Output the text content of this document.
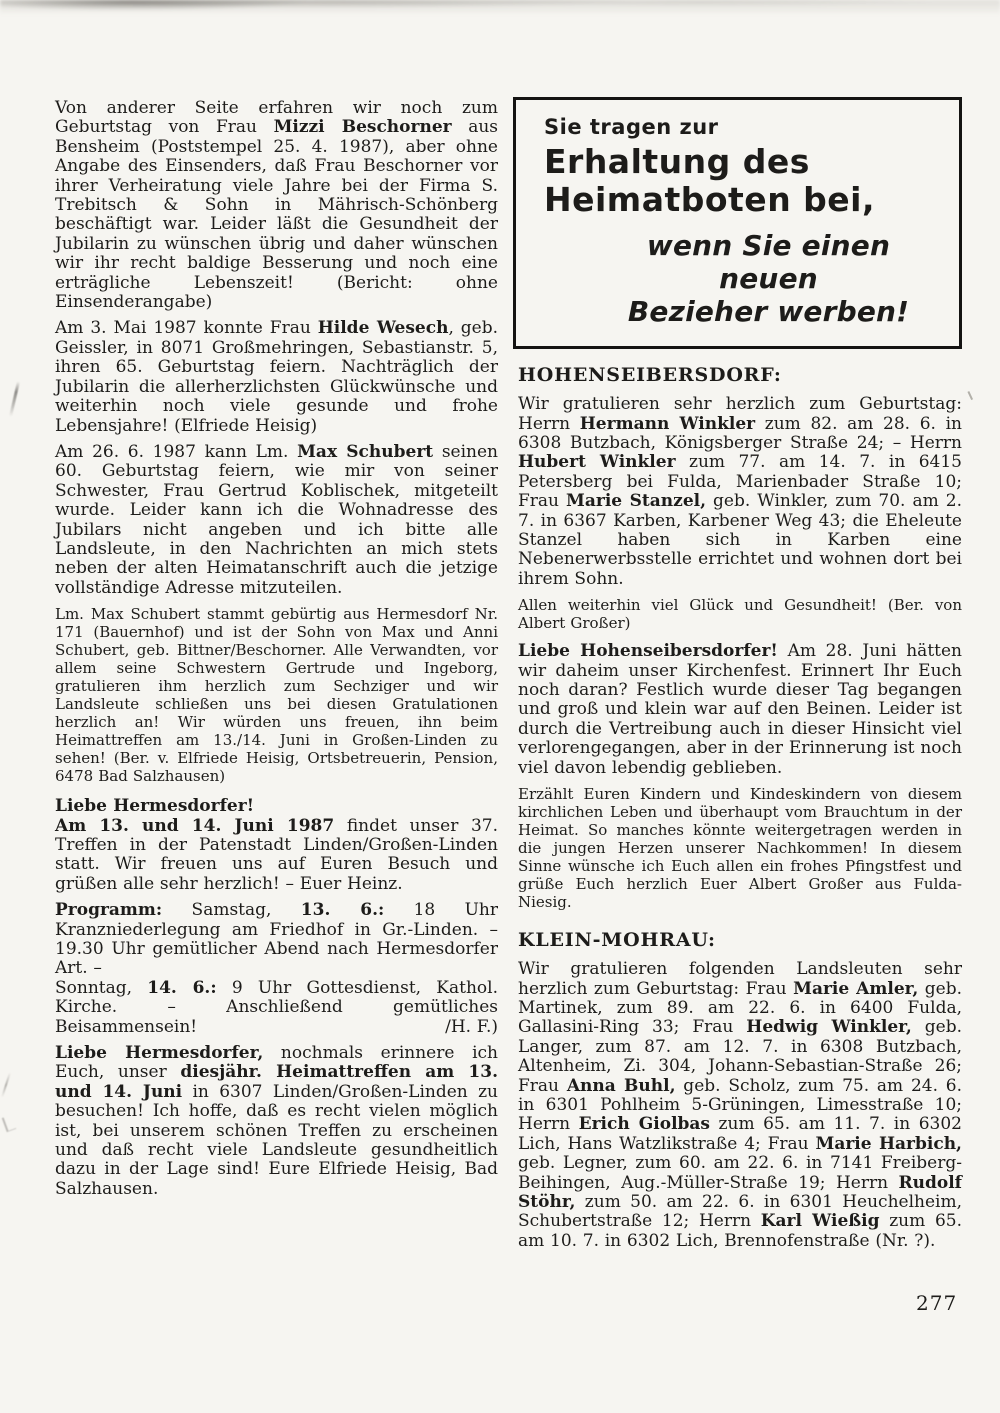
Von anderer Seite erfahren wir noch zum Geburtstag von Frau Mizzi Beschorner aus Bensheim (Poststempel 25. 4. 1987), aber ohne Angabe des Einsenders, daß Frau Beschorner vor ihrer Verheiratung viele Jahre bei der Firma S. Trebitsch & Sohn in Mährisch-Schönberg beschäftigt war. Leider läßt die Gesundheit der Jubilarin zu wünschen übrig und daher wünschen wir ihr recht baldige Besserung und noch eine erträgliche Lebenszeit! (Bericht: ohne Einsenderangabe)

Am 3. Mai 1987 konnte Frau Hilde Wesech, geb. Geissler, in 8071 Großmehringen, Sebastianstr. 5, ihren 65. Geburtstag feiern. Nachträglich der Jubilarin die allerherzlichsten Glückwünsche und weiterhin noch viele gesunde und frohe Lebensjahre! (Elfriede Heisig)

Am 26. 6. 1987 kann Lm. Max Schubert seinen 60. Geburtstag feiern, wie mir von seiner Schwester, Frau Gertrud Koblischek, mitgeteilt wurde. Leider kann ich die Wohnadresse des Jubilars nicht angeben und ich bitte alle Landsleute, in den Nachrichten an mich stets neben der alten Heimatanschrift auch die jetzige vollständige Adresse mitzuteilen.

Lm. Max Schubert stammt gebürtig aus Hermesdorf Nr. 171 (Bauernhof) und ist der Sohn von Max und Anni Schubert, geb. Bittner/Beschorner. Alle Verwandten, vor allem seine Schwestern Gertrude und Ingeborg, gratulieren ihm herzlich zum Sechziger und wir Landsleute schließen uns bei diesen Gratulationen herzlich an! Wir würden uns freuen, ihn beim Heimattreffen am 13./14. Juni in Großen-Linden zu sehen! (Ber. v. Elfriede Heisig, Ortsbetreuerin, Pension, 6478 Bad Salzhausen)

Liebe Hermesdorfer!
Am 13. und 14. Juni 1987 findet unser 37. Treffen in der Patenstadt Linden/Großen-Linden statt. Wir freuen uns auf Euren Besuch und grüßen alle sehr herzlich! – Euer Heinz.

Programm: Samstag, 13. 6.: 18 Uhr Kranzniederlegung am Friedhof in Gr.-Linden. – 19.30 Uhr gemütlicher Abend nach Hermesdorfer Art. –
Sonntag, 14. 6.: 9 Uhr Gottesdienst, Kathol. Kirche. – Anschließend gemütliches Beisammensein!	/H. F.)

Liebe Hermesdorfer, nochmals erinnere ich Euch, unser diesjähr. Heimattreffen am 13. und 14. Juni in 6307 Linden/Großen-Linden zu besuchen! Ich hoffe, daß es recht vielen möglich ist, bei unserem schönen Treffen zu erscheinen und daß recht viele Landsleute gesundheitlich dazu in der Lage sind! Eure Elfriede Heisig, Bad Salzhausen.

Sie tragen zur
Erhaltung des
Heimatboten bei,
wenn Sie einen neuen
Bezieher werben!
HOHENSEIBERSDORF:

Wir gratulieren sehr herzlich zum Geburtstag: Herrn Hermann Winkler zum 82. am 28. 6. in 6308 Butzbach, Königsberger Straße 24; – Herrn Hubert Winkler zum 77. am 14. 7. in 6415 Petersberg bei Fulda, Marienbader Straße 10; Frau Marie Stanzel, geb. Winkler, zum 70. am 2. 7. in 6367 Karben, Karbener Weg 43; die Eheleute Stanzel haben sich in Karben eine Nebenerwerbsstelle errichtet und wohnen dort bei ihrem Sohn.

Allen weiterhin viel Glück und Gesundheit! (Ber. von Albert Großer)

Liebe Hohenseibersdorfer! Am 28. Juni hätten wir daheim unser Kirchenfest. Erinnert Ihr Euch noch daran? Festlich wurde dieser Tag begangen und groß und klein war auf den Beinen. Leider ist durch die Vertreibung auch in dieser Hinsicht viel verlorengegangen, aber in der Erinnerung ist noch viel davon lebendig geblieben.

Erzählt Euren Kindern und Kindeskindern von diesem kirchlichen Leben und überhaupt vom Brauchtum in der Heimat. So manches könnte weitergetragen werden in die jungen Herzen unserer Nachkommen! In diesem Sinne wünsche ich Euch allen ein frohes Pfingstfest und grüße Euch herzlich Euer Albert Großer aus Fulda-Niesig.

KLEIN-MOHRAU:

Wir gratulieren folgenden Landsleuten sehr herzlich zum Geburtstag: Frau Marie Amler, geb. Martinek, zum 89. am 22. 6. in 6400 Fulda, Gallasini-Ring 33; Frau Hedwig Winkler, geb. Langer, zum 87. am 12. 7. in 6308 Butzbach, Altenheim, Zi. 304, Johann-Sebastian-Straße 26; Frau Anna Buhl, geb. Scholz, zum 75. am 24. 6. in 6301 Pohlheim 5-Grüningen, Limesstraße 10; Herrn Erich Giolbas zum 65. am 11. 7. in 6302 Lich, Hans Watzlikstraße 4; Frau Marie Harbich, geb. Legner, zum 60. am 22. 6. in 7141 Freiberg-Beihingen, Aug.-Müller-Straße 19; Herrn Rudolf Stöhr, zum 50. am 22. 6. in 6301 Heuchelheim, Schubertstraße 12; Herrn Karl Wießig zum 65. am 10. 7. in 6302 Lich, Brennofenstraße (Nr. ?).

277
